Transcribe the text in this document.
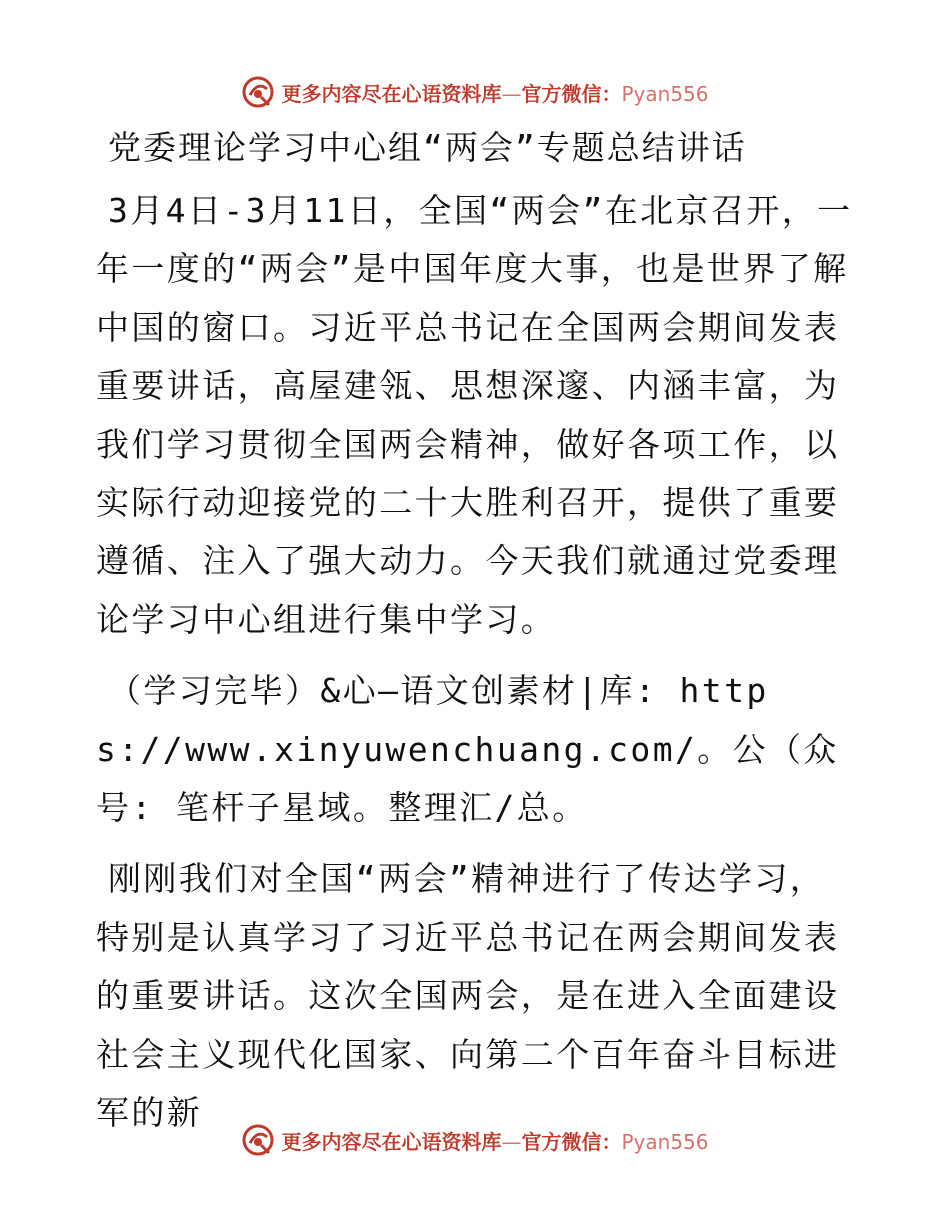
更多内容尽在心语资料库—官方微信：Pyan556
党委理论学习中心组“两会”专题总结讲话

3月4日-3月11日，全国“两会”在北京召开，一年一度的“两会”是中国年度大事，也是世界了解中国的窗口。习近平总书记在全国两会期间发表重要讲话，高屋建瓴、思想深邃、内涵丰富，为我们学习贯彻全国两会精神，做好各项工作，以实际行动迎接党的二十大胜利召开，提供了重要遵循、注入了强大动力。今天我们就通过党委理论学习中心组进行集中学习。

（学习完毕）&心—语文创素材|库: https://www.xinyuwenchuang.com/。公（众号: 笔杆子星域。整理汇/总。

刚刚我们对全国“两会”精神进行了传达学习，特别是认真学习了习近平总书记在两会期间发表的重要讲话。这次全国两会，是在进入全面建设社会主义现代化国家、向第二个百年奋斗目标进军的新

更多内容尽在心语资料库—官方微信：Pyan556
